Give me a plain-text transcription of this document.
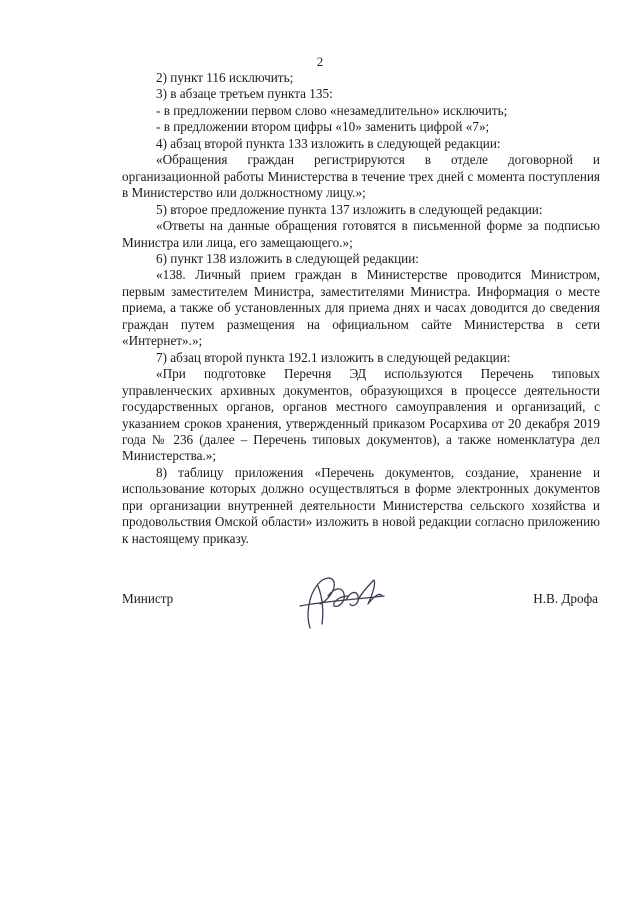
2

2) пункт 116 исключить;

3) в абзаце третьем пункта 135:

- в предложении первом слово «незамедлительно» исключить;

- в предложении втором цифры «10» заменить цифрой «7»;

4) абзац второй пункта 133 изложить в следующей редакции:

«Обращения граждан регистрируются в отделе договорной и организационной работы Министерства в течение трех дней с момента поступления в Министерство или должностному лицу.»;

5) второе предложение пункта 137 изложить в следующей редакции:

«Ответы на данные обращения готовятся в письменной форме за подписью Министра или лица, его замещающего.»;

6) пункт 138 изложить в следующей редакции:

«138. Личный прием граждан в Министерстве проводится Министром, первым заместителем Министра, заместителями Министра. Информация о месте приема, а также об установленных для приема днях и часах доводится до сведения граждан путем размещения на официальном сайте Министерства в сети «Интернет».»;

7) абзац второй пункта 192.1 изложить в следующей редакции:

«При подготовке Перечня ЭД используются Перечень типовых управленческих архивных документов, образующихся в процессе деятельности государственных органов, органов местного самоуправления и организаций, с указанием сроков хранения, утвержденный приказом Росархива от 20 декабря 2019 года № 236 (далее – Перечень типовых документов), а также номенклатура дел Министерства.»;

8) таблицу приложения «Перечень документов, создание, хранение и использование которых должно осуществляться в форме электронных документов при организации внутренней деятельности Министерства сельского хозяйства и продовольствия Омской области» изложить в новой редакции согласно приложению к настоящему приказу.

Министр	Н.В. Дрофа
